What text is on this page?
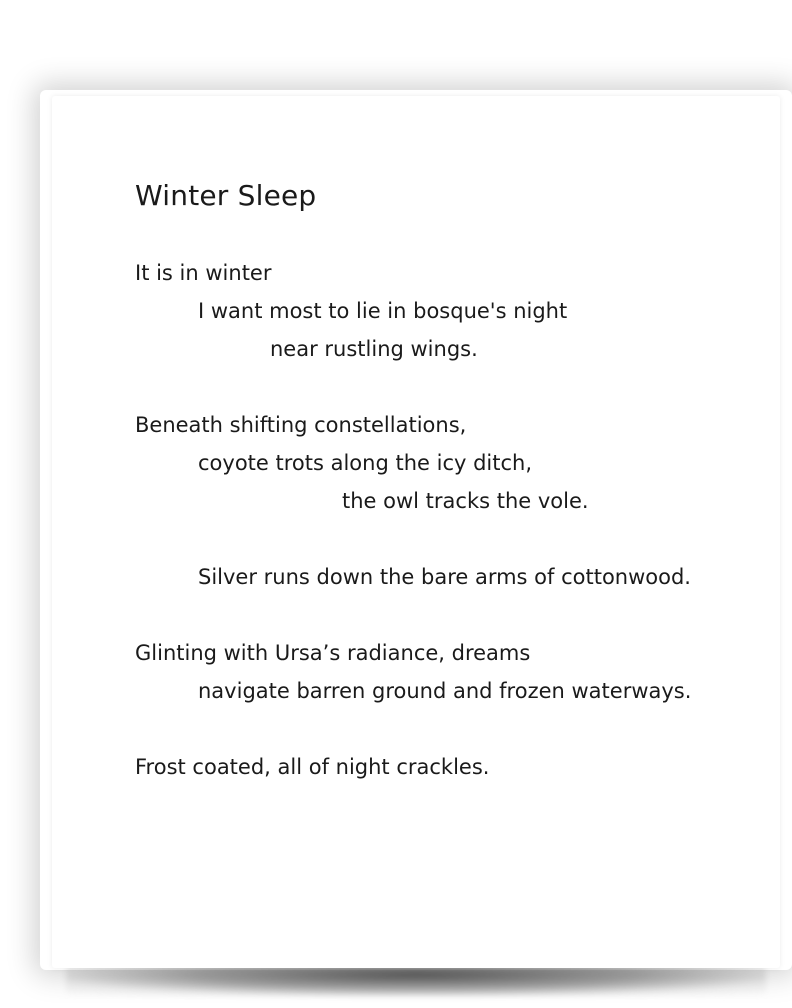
Winter Sleep
It is in winter
I want most to lie in bosque's night
near rustling wings.
Beneath shifting constellations,
coyote trots along the icy ditch,
the owl tracks the vole.
Silver runs down the bare arms of cottonwood.
Glinting with Ursa’s radiance, dreams
navigate barren ground and frozen waterways.
Frost coated, all of night crackles.
